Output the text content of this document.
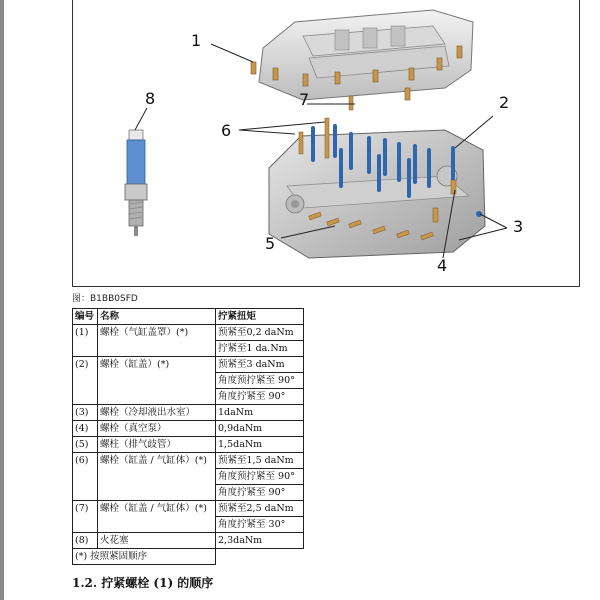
1
2
3
4
5
6
7
8
图：B1BB0SFD
编号	名称	拧紧扭矩
(1)	螺栓（气缸盖罩）(*)	预紧至0,2 daNm
		拧紧至1 da.Nm
(2)	螺栓（缸盖）(*)	预紧至3 daNm
		角度预拧紧至 90°
		角度拧紧至 90°
(3)	螺栓（冷却液出水室）	1daNm
(4)	螺栓（真空泵）	0,9daNm
(5)	螺柱（排气歧管）	1,5daNm
(6)	螺栓（缸盖 / 气缸体）(*)	预紧至1,5 daNm
		角度预拧紧至 90°
		角度拧紧至 90°
(7)	螺栓（缸盖 / 气缸体）(*)	预紧至2,5 daNm
		角度拧紧至 30°
(8)	火花塞	2,3daNm
(*) 按照紧固顺序		
1.2. 拧紧螺栓 (1) 的顺序
